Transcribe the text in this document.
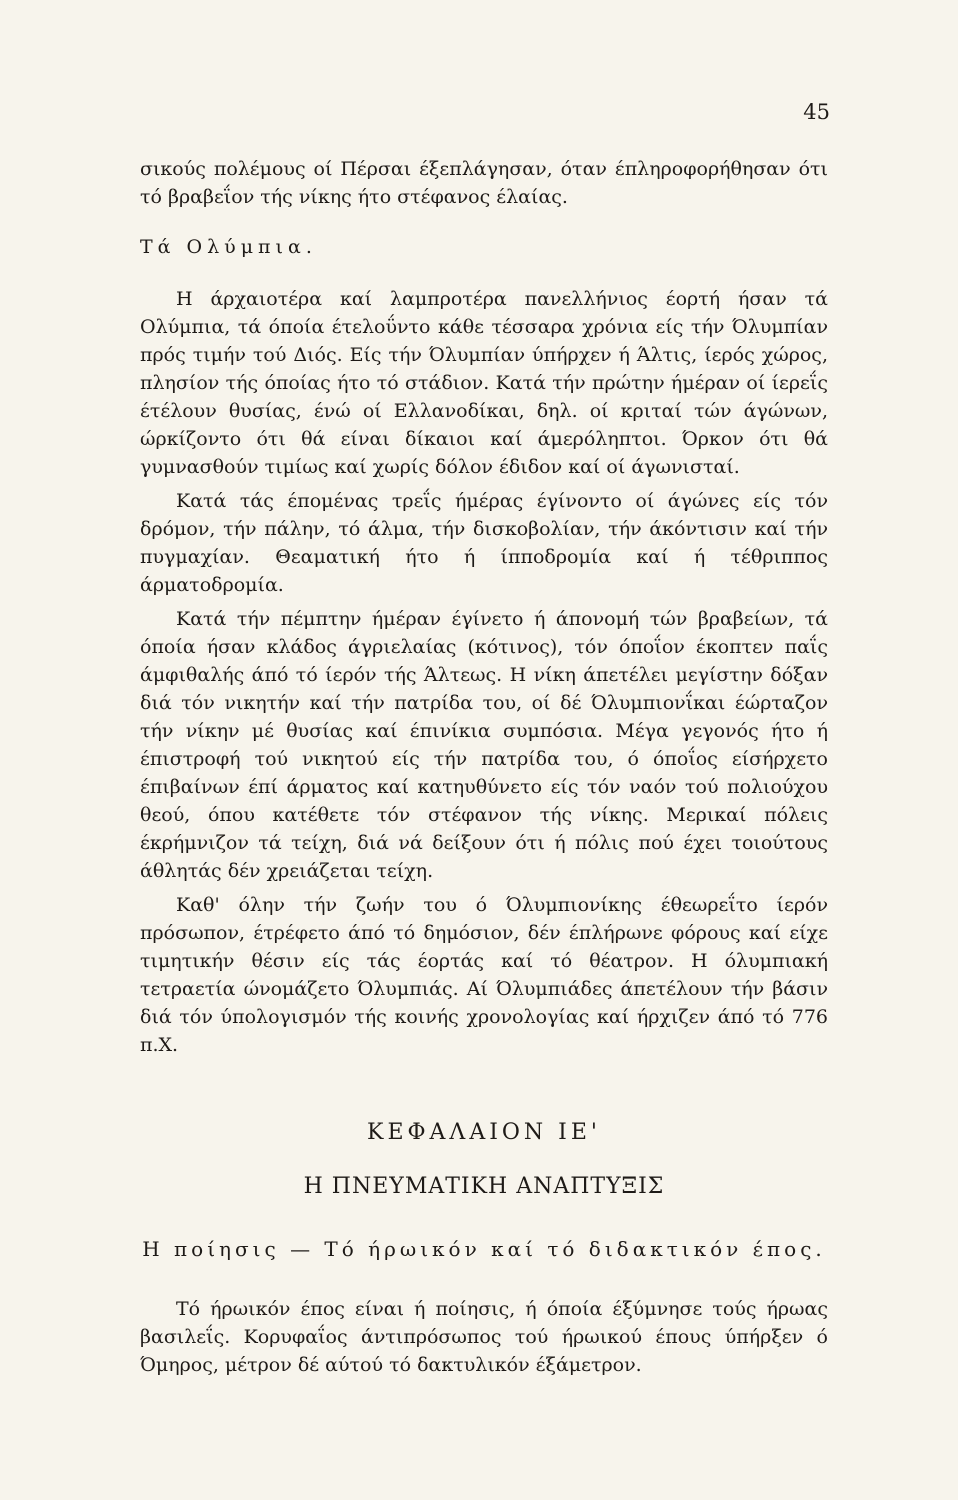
45

σικούς πολέμους οί Πέρσαι έξεπλάγησαν, όταν έπληροφορήθησαν ότι τό βραβεΐον τής νίκης ήτο στέφανος έλαίας.

Τά Ολύμπια.

Η άρχαιοτέρα καί λαμπροτέρα πανελλήνιος έορτή ήσαν τά Ολύμπια, τά όποία έτελοΰντο κάθε τέσσαρα χρόνια είς τήν Όλυμπίαν πρός τιμήν τού Διός. Είς τήν Όλυμπίαν ύπήρχεν ή Άλτις, ίερός χώρος, πλησίον τής όποίας ήτο τό στάδιον. Κατά τήν πρώτην ήμέραν οί ίερεΐς έτέλουν θυσίας, ένώ οί Ελλανοδίκαι, δηλ. οί κριταί τών άγώνων, ώρκίζοντο ότι θά είναι δίκαιοι καί άμερόληπτοι. Όρκον ότι θά γυμνασθούν τιμίως καί χωρίς δόλον έδιδον καί οί άγωνισταί.

Κατά τάς έπομένας τρεΐς ήμέρας έγίνοντο οί άγώνες είς τόν δρόμον, τήν πάλην, τό άλμα, τήν δισκοβολίαν, τήν άκόντισιν καί τήν πυγμαχίαν. Θεαματική ήτο ή ίπποδρομία καί ή τέθριππος άρματοδρομία.

Κατά τήν πέμπτην ήμέραν έγίνετο ή άπονομή τών βραβείων, τά όποία ήσαν κλάδος άγριελαίας (κότινος), τόν όποΐον έκοπτεν παΐς άμφιθαλής άπό τό ίερόν τής Άλτεως. Η νίκη άπετέλει μεγίστην δόξαν διά τόν νικητήν καί τήν πατρίδα του, οί δέ Όλυμπιονΐκαι έώρταζον τήν νίκην μέ θυσίας καί έπινίκια συμπόσια. Μέγα γεγονός ήτο ή έπιστροφή τού νικητού είς τήν πατρίδα του, ό όποΐος είσήρχετο έπιβαίνων έπί άρματος καί κατηυθύνετο είς τόν ναόν τού πολιούχου θεού, όπου κατέθετε τόν στέφανον τής νίκης. Μερικαί πόλεις έκρήμνιζον τά τείχη, διά νά δείξουν ότι ή πόλις πού έχει τοιούτους άθλητάς δέν χρειάζεται τείχη.

Καθ' όλην τήν ζωήν του ό Όλυμπιονίκης έθεωρεΐτο ίερόν πρόσωπον, έτρέφετο άπό τό δημόσιον, δέν έπλήρωνε φόρους καί είχε τιμητικήν θέσιν είς τάς έορτάς καί τό θέατρον. Η όλυμπιακή τετραετία ώνομάζετο Όλυμπιάς. Αί Όλυμπιάδες άπετέλουν τήν βάσιν διά τόν ύπολογισμόν τής κοινής χρονολογίας καί ήρχιζεν άπό τό 776 π.Χ.

ΚΕΦΑΛΑΙΟΝ ΙΕ'

Η ΠΝΕΥΜΑΤΙΚΗ ΑΝΑΠΤΥΞΙΣ

Η ποίησις — Τό ήρωικόν καί τό διδακτικόν έπος.

Τό ήρωικόν έπος είναι ή ποίησις, ή όποία έξύμνησε τούς ήρωας βασιλεΐς. Κορυφαΐος άντιπρόσωπος τού ήρωικού έπους ύπήρξεν ό Όμηρος, μέτρον δέ αύτού τό δακτυλικόν έξάμετρον.
